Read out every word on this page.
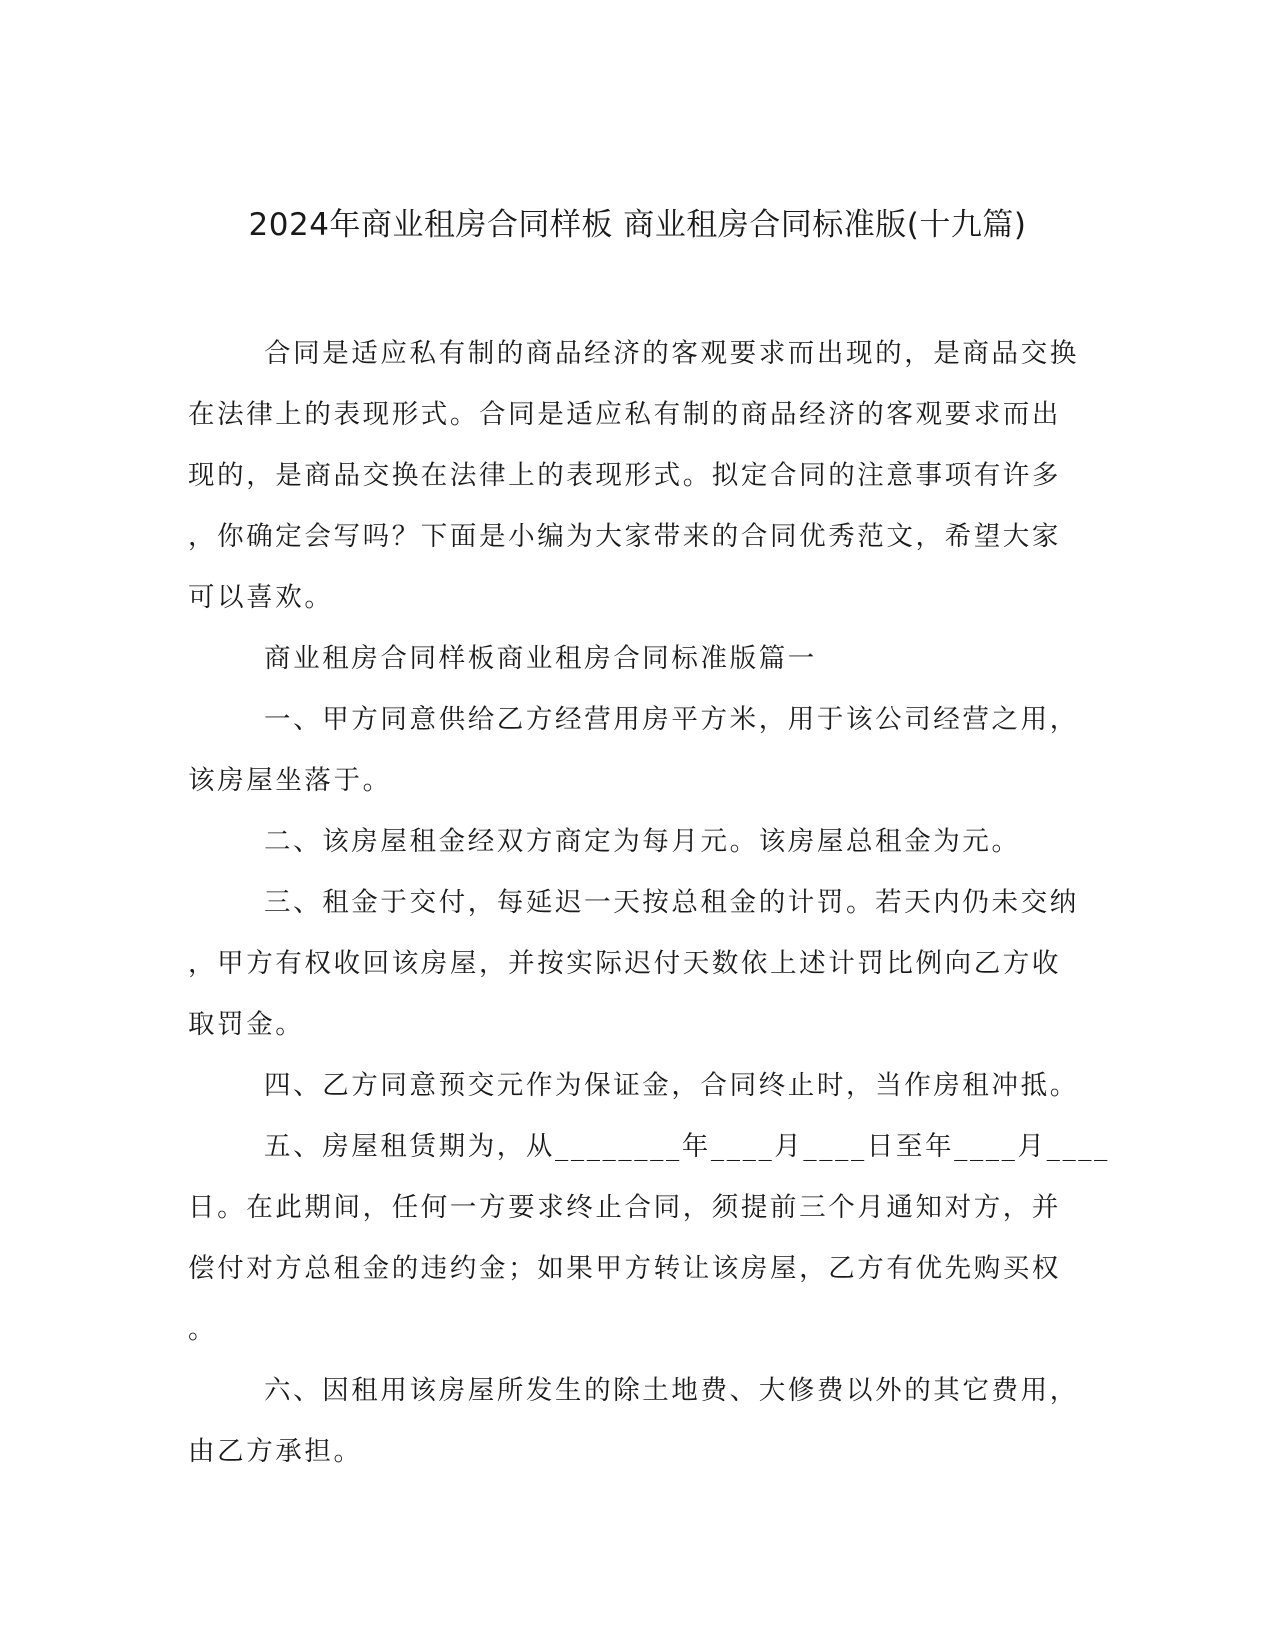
2024年商业租房合同样板 商业租房合同标准版(十九篇)
合同是适应私有制的商品经济的客观要求而出现的，是商品交换
在法律上的表现形式。合同是适应私有制的商品经济的客观要求而出
现的，是商品交换在法律上的表现形式。拟定合同的注意事项有许多
，你确定会写吗？下面是小编为大家带来的合同优秀范文，希望大家
可以喜欢。
商业租房合同样板商业租房合同标准版篇一
一、甲方同意供给乙方经营用房平方米，用于该公司经营之用，
该房屋坐落于。
二、该房屋租金经双方商定为每月元。该房屋总租金为元。
三、租金于交付，每延迟一天按总租金的计罚。若天内仍未交纳
，甲方有权收回该房屋，并按实际迟付天数依上述计罚比例向乙方收
取罚金。
四、乙方同意预交元作为保证金，合同终止时，当作房租冲抵。
五、房屋租赁期为，从________年____月____日至年____月____
日。在此期间，任何一方要求终止合同，须提前三个月通知对方，并
偿付对方总租金的违约金；如果甲方转让该房屋，乙方有优先购买权
。
六、因租用该房屋所发生的除土地费、大修费以外的其它费用，
由乙方承担。
